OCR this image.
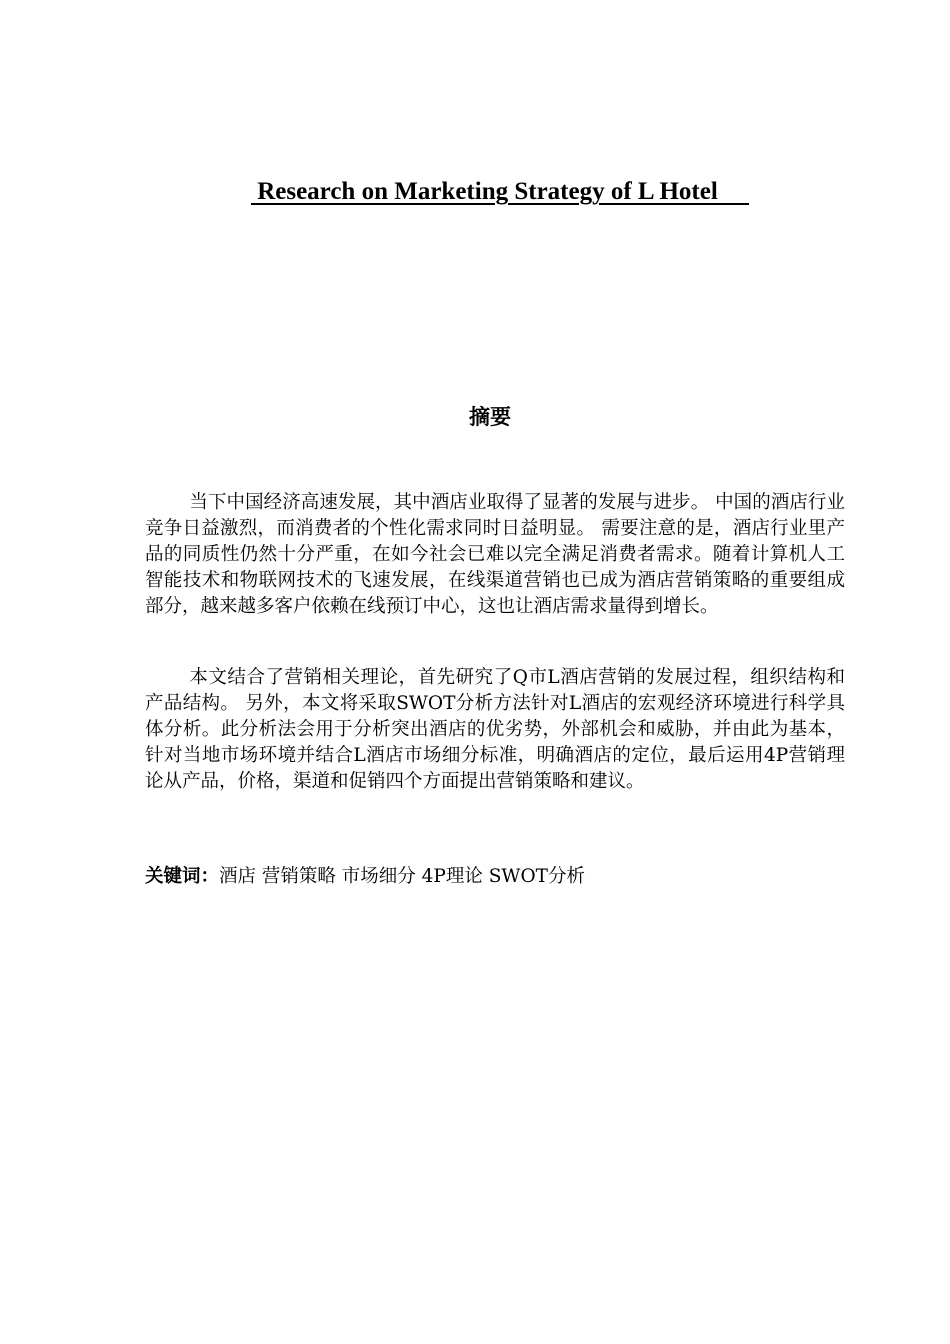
Research on Marketing Strategy of L Hotel
摘要
当下中国经济高速发展，其中酒店业取得了显著的发展与进步。 中国的酒店行业竞争日益激烈，而消费者的个性化需求同时日益明显。 需要注意的是，酒店行业里产品的同质性仍然十分严重，在如今社会已难以完全满足消费者需求。随着计算机人工智能技术和物联网技术的飞速发展，在线渠道营销也已成为酒店营销策略的重要组成部分，越来越多客户依赖在线预订中心，这也让酒店需求量得到增长。
本文结合了营销相关理论，首先研究了Q市L酒店营销的发展过程，组织结构和产品结构。 另外，本文将采取SWOT分析方法针对L酒店的宏观经济环境进行科学具体分析。此分析法会用于分析突出酒店的优劣势，外部机会和威胁，并由此为基本，针对当地市场环境并结合L酒店市场细分标准，明确酒店的定位，最后运用4P营销理论从产品，价格，渠道和促销四个方面提出营销策略和建议。
关键词：酒店 营销策略 市场细分 4P理论 SWOT分析
